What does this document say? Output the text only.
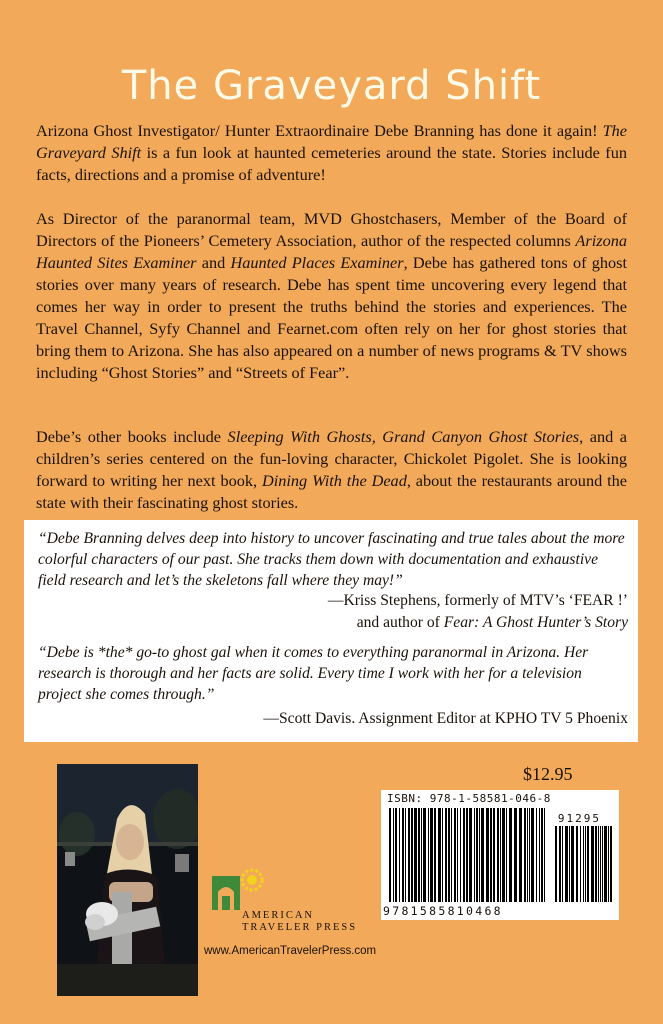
The Graveyard Shift
Arizona Ghost Investigator/ Hunter Extraordinaire Debe Branning has done it again! The Graveyard Shift is a fun look at haunted cemeteries around the state. Stories include fun facts, directions and a promise of adventure!
As Director of the paranormal team, MVD Ghostchasers, Member of the Board of Directors of the Pioneers’ Cemetery Association, author of the respected columns Arizona Haunted Sites Examiner and Haunted Places Examiner, Debe has gathered tons of ghost stories over many years of research. Debe has spent time uncovering every legend that comes her way in order to present the truths behind the stories and experiences. The Travel Channel, Syfy Channel and Fearnet.com often rely on her for ghost stories that bring them to Arizona. She has also appeared on a number of news programs & TV shows including “Ghost Stories” and “Streets of Fear”.
Debe’s other books include Sleeping With Ghosts, Grand Canyon Ghost Stories, and a children’s series centered on the fun-loving character, Chickolet Pigolet. She is looking forward to writing her next book, Dining With the Dead, about the restaurants around the state with their fascinating ghost stories.
“Debe Branning delves deep into history to uncover fascinating and true tales about the more colorful characters of our past. She tracks them down with documentation and exhaustive field research and let’s the skeletons fall where they may!”
—Kriss Stephens, formerly of MTV’s ‘FEAR !’
and author of Fear: A Ghost Hunter’s Story
“Debe is *the* go-to ghost gal when it comes to everything paranormal in Arizona. Her research is thorough and her facts are solid. Every time I work with her for a television project she comes through.”
—Scott Davis. Assignment Editor at KPHO TV 5 Phoenix
AMERICAN
TRAVELER PRESS
www.AmericanTravelerPress.com
$12.95
ISBN: 978-1-58581-046-8
91295
9781585810468
